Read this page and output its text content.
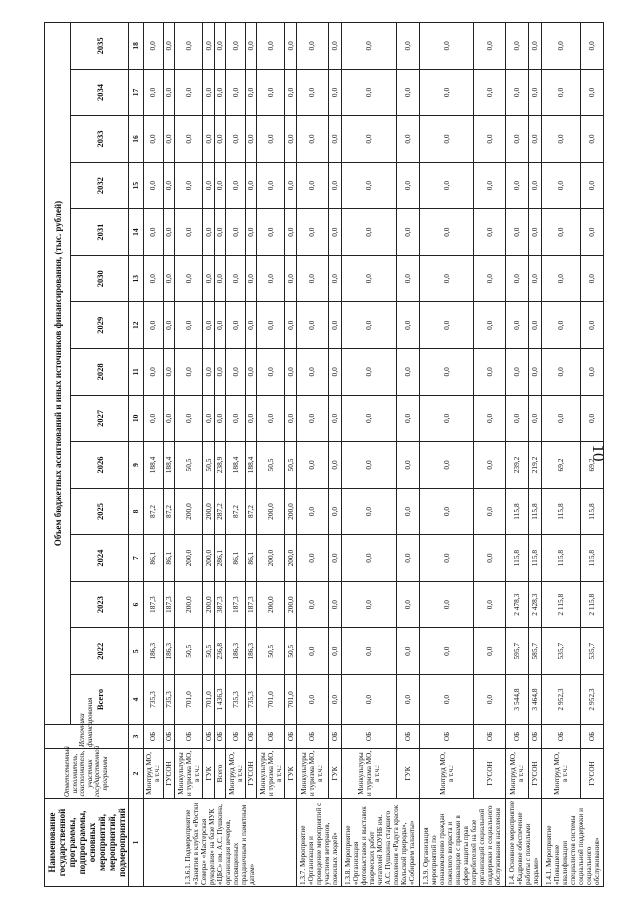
10
Наименование государственной программы, подпрограммы, основных мероприятий, мероприятий, подмероприятий	Ответственный исполнитель, соисполнитель, участник государственной программы	Источники финансирования	Объем бюджетных ассигнований и иных источников финансирования, (тыс. рублей)														
			Всего	2022	2023	2024	2025	2026	2027	2028	2029	2030	2031	2032	2033	2034	2035
1	2	3	4	5	6	7	8	9	10	11	12	13	14	15	16	17	18
1.3.6.1. Подмероприятие «Занятия в клубах «Ростки Севера» «Мастерская рукоделия» на базе МУК «ЦБС» им. А.С. Пушкина, организация вечеров, посвященных праздничным и памятным датам»	Минтруд МО, в т.ч.:	ОБ	735,3	186,3	187,3	86,1	87,2	188,4	0,0	0,0	0,0	0,0	0,0	0,0	0,0	0,0	0,0
	ГУСОН	ОБ	735,3	186,3	187,3	86,1	87,2	188,4	0,0	0,0	0,0	0,0	0,0	0,0	0,0	0,0	0,0
	Минкультуры и туризма МО, в т.ч.:	ОБ	701,0	50,5	200,0	200,0	200,0	50,5	0,0	0,0	0,0	0,0	0,0	0,0	0,0	0,0	0,0
	ГУК	ОБ	701,0	50,5	200,0	200,0	200,0	50,5	0,0	0,0	0,0	0,0	0,0	0,0	0,0	0,0	0,0
	Всего	ОБ	1 436,3	236,8	387,3	286,1	287,2	238,9	0,0	0,0	0,0	0,0	0,0	0,0	0,0	0,0	0,0
	Минтруд МО, в т.ч.:	ОБ	735,3	186,3	187,3	86,1	87,2	188,4	0,0	0,0	0,0	0,0	0,0	0,0	0,0	0,0	0,0
	ГУСОН	ОБ	735,3	186,3	187,3	86,1	87,2	188,4	0,0	0,0	0,0	0,0	0,0	0,0	0,0	0,0	0,0
	Минкультуры и туризма МО, в т.ч.:	ОБ	701,0	50,5	200,0	200,0	200,0	50,5	0,0	0,0	0,0	0,0	0,0	0,0	0,0	0,0	0,0
	ГУК	ОБ	701,0	50,5	200,0	200,0	200,0	50,5	0,0	0,0	0,0	0,0	0,0	0,0	0,0	0,0	0,0
1.3.7. Мероприятие «Организация и проведение мероприятий с участием ветеранов, пожилых людей»	Минкультуры и туризма МО, в т.ч.:	ОБ	0,0	0,0	0,0	0,0	0,0	0,0	0,0	0,0	0,0	0,0	0,0	0,0	0,0	0,0	0,0
	ГУК	ОБ	0,0	0,0	0,0	0,0	0,0	0,0	0,0	0,0	0,0	0,0	0,0	0,0	0,0	0,0	0,0
1.3.8. Мероприятие «Организация фотовыставок и выставок творческих работ читателей МОУНБ им. А.С. Пушкина старшего поколения «Радуга красок Кольской природы», «Собираем таланты»	Минкультуры и туризма МО, в т.ч.:	ОБ	0,0	0,0	0,0	0,0	0,0	0,0	0,0	0,0	0,0	0,0	0,0	0,0	0,0	0,0	0,0
	ГУК	ОБ	0,0	0,0	0,0	0,0	0,0	0,0	0,0	0,0	0,0	0,0	0,0	0,0	0,0	0,0	0,0
1.3.9. Организация мероприятий по ознакомлению граждан пожилого возраста и инвалидов с правами в сфере защиты прав потребителей на базе организаций социальной поддержки и социального обслуживания населения	Минтруд МО, в т.ч.:	ОБ	0,0	0,0	0,0	0,0	0,0	0,0	0,0	0,0	0,0	0,0	0,0	0,0	0,0	0,0	0,0
	ГУСОН	ОБ	0,0	0,0	0,0	0,0	0,0	0,0	0,0	0,0	0,0	0,0	0,0	0,0	0,0	0,0	0,0
1.4. Основное мероприятие «Кадровое обеспечение работы с пожилыми людьми»	Минтруд МО, в т.ч.:	ОБ	3 544,8	595,7	2 478,3	115,8	115,8	239,2	0,0	0,0	0,0	0,0	0,0	0,0	0,0	0,0	0,0
	ГУСОН	ОБ	3 464,8	585,7	2 428,3	115,8	115,8	219,2	0,0	0,0	0,0	0,0	0,0	0,0	0,0	0,0	0,0
1.4.1. Мероприятие «Повышение квалификации специалистов системы социальной поддержки и социального обслуживания»	Минтруд МО, в т.ч.:	ОБ	2 952,3	535,7	2 115,8	115,8	115,8	69,2	0,0	0,0	0,0	0,0	0,0	0,0	0,0	0,0	0,0
	ГУСОН	ОБ	2 952,3	535,7	2 115,8	115,8	115,8	69,2	0,0	0,0	0,0	0,0	0,0	0,0	0,0	0,0	0,0
